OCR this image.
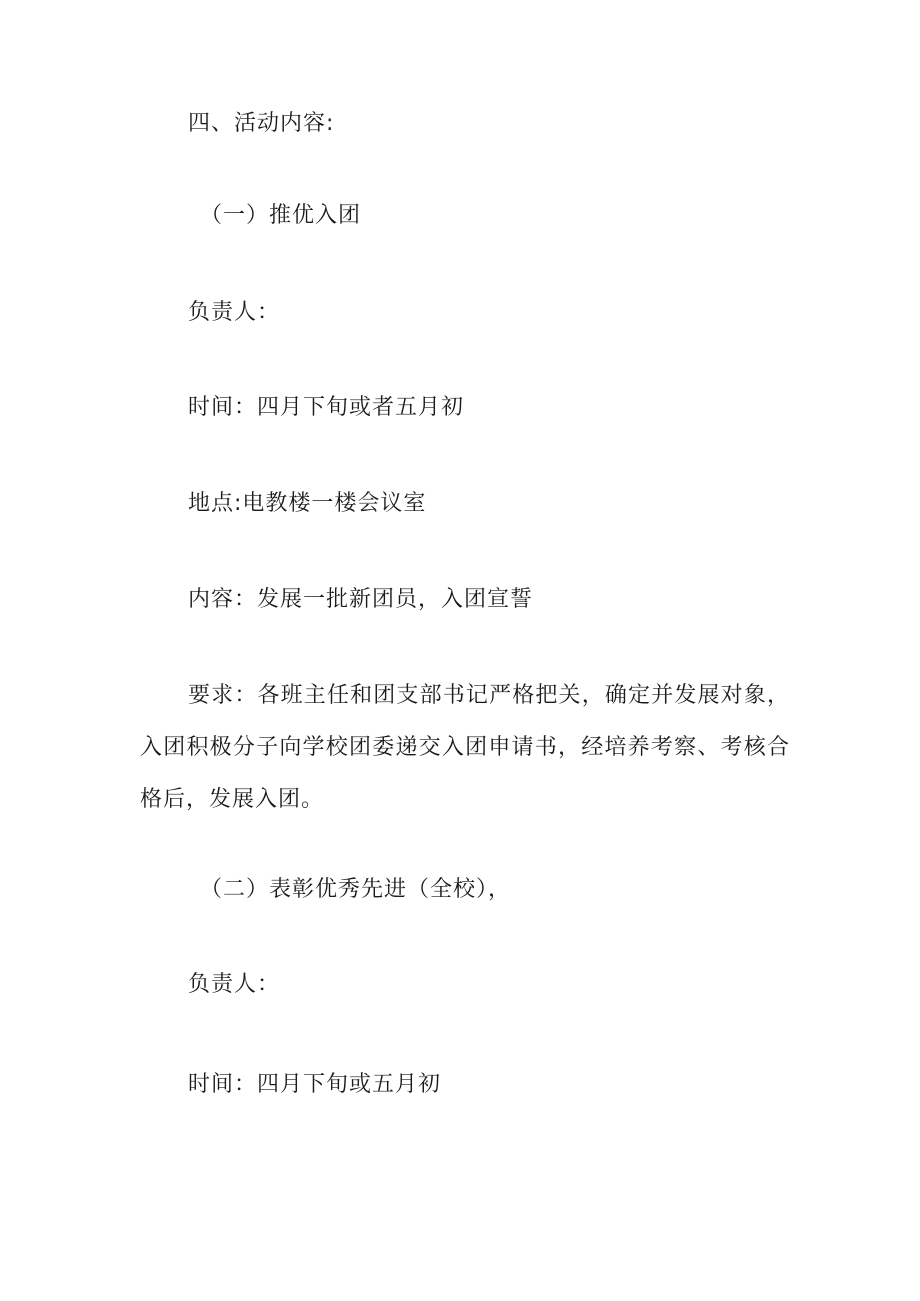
四、活动内容:
（一）推优入团
负责人：
时间：四月下旬或者五月初
地点:电教楼一楼会议室
内容：发展一批新团员，入团宣誓
要求：各班主任和团支部书记严格把关，确定并发展对象，入团积极分子向学校团委递交入团申请书，经培养考察、考核合格后，发展入团。
（二）表彰优秀先进（全校），
负责人：
时间：四月下旬或五月初
